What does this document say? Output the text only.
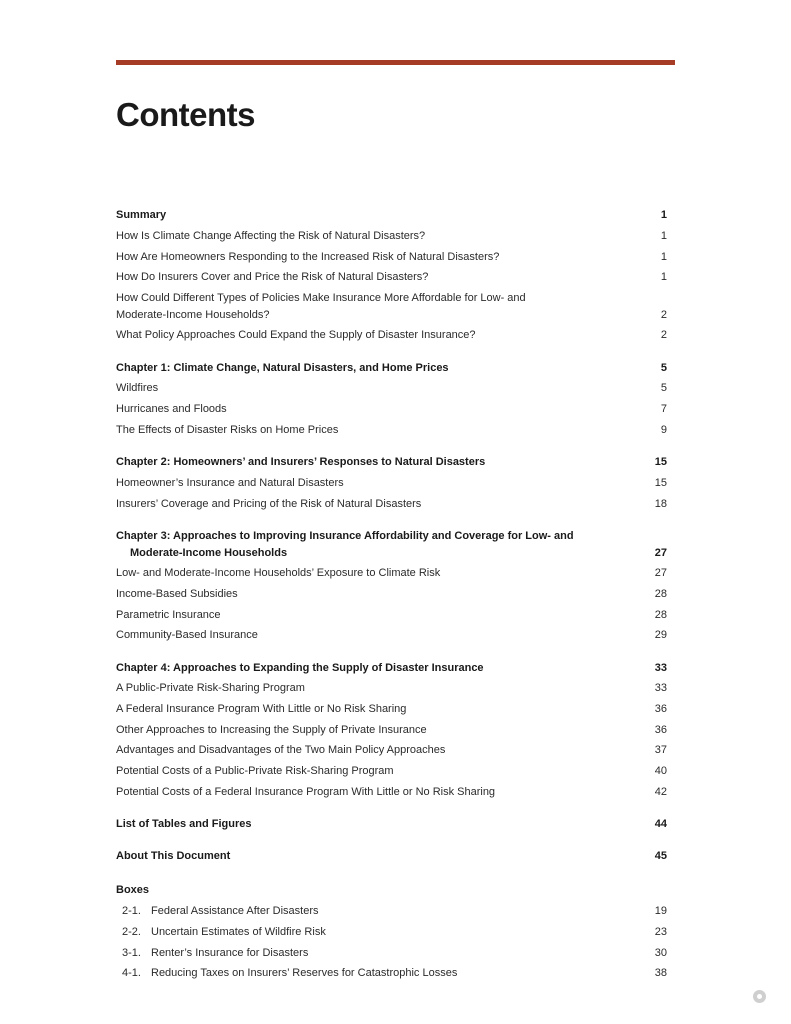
Contents
Summary	1
How Is Climate Change Affecting the Risk of Natural Disasters?	1
How Are Homeowners Responding to the Increased Risk of Natural Disasters?	1
How Do Insurers Cover and Price the Risk of Natural Disasters?	1
How Could Different Types of Policies Make Insurance More Affordable for Low- and
Moderate-Income Households?	2
What Policy Approaches Could Expand the Supply of Disaster Insurance?	2
Chapter 1: Climate Change, Natural Disasters, and Home Prices	5
Wildfires	5
Hurricanes and Floods	7
The Effects of Disaster Risks on Home Prices	9
Chapter 2: Homeowners’ and Insurers’ Responses to Natural Disasters	15
Homeowner’s Insurance and Natural Disasters	15
Insurers’ Coverage and Pricing of the Risk of Natural Disasters	18
Chapter 3: Approaches to Improving Insurance Affordability and Coverage for Low- and
Moderate-Income Households	27
Low- and Moderate-Income Households’ Exposure to Climate Risk	27
Income-Based Subsidies	28
Parametric Insurance	28
Community-Based Insurance	29
Chapter 4: Approaches to Expanding the Supply of Disaster Insurance	33
A Public-Private Risk-Sharing Program	33
A Federal Insurance Program With Little or No Risk Sharing	36
Other Approaches to Increasing the Supply of Private Insurance	36
Advantages and Disadvantages of the Two Main Policy Approaches	37
Potential Costs of a Public-Private Risk-Sharing Program	40
Potential Costs of a Federal Insurance Program With Little or No Risk Sharing	42
List of Tables and Figures	44
About This Document	45
Boxes
2-1. Federal Assistance After Disasters	19
2-2. Uncertain Estimates of Wildfire Risk	23
3-1. Renter’s Insurance for Disasters	30
4-1. Reducing Taxes on Insurers’ Reserves for Catastrophic Losses	38
